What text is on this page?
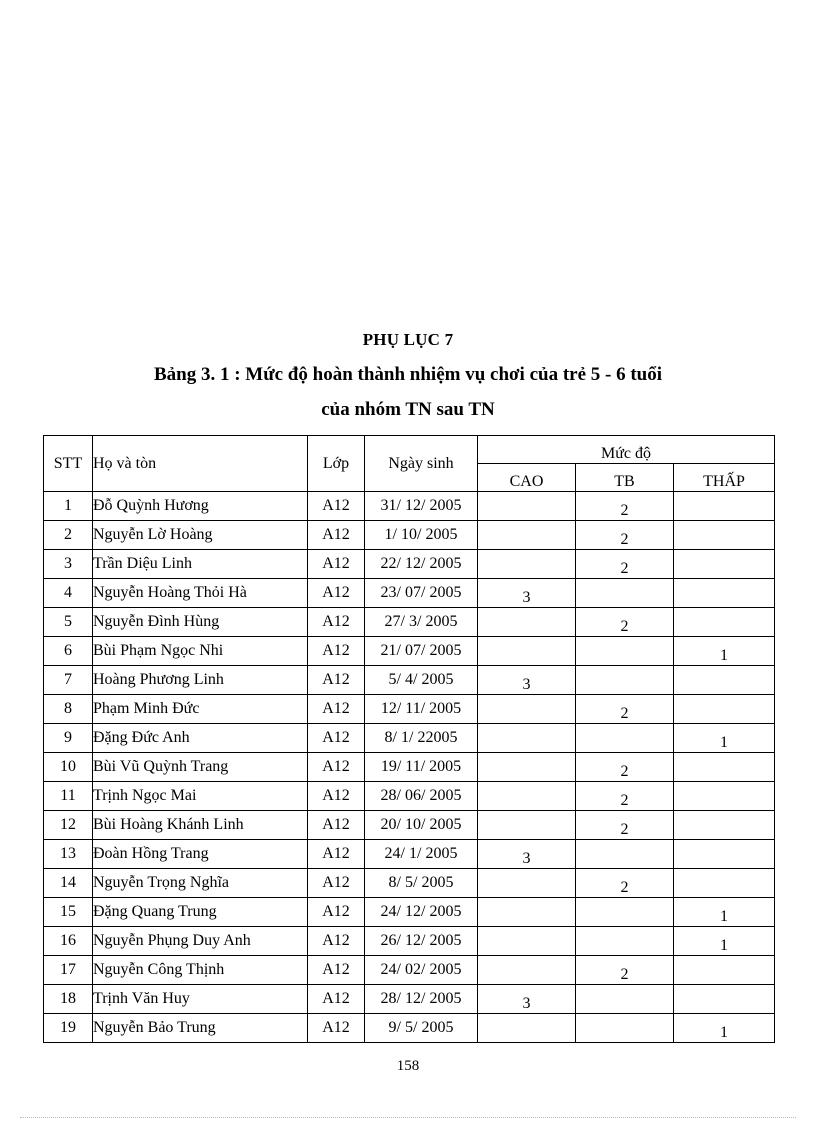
PHỤ LỤC 7
Bảng 3. 1 : Mức độ hoàn thành nhiệm vụ chơi của trẻ 5 - 6 tuổi
của nhóm TN sau TN
STT	Họ và tòn	Lớp	Ngày sinh	Mức độ		
				CAO	TB	THẤP
1	Đỗ Quỳnh Hương	A12	31/ 12/ 2005		2	
2	Nguyễn Lờ Hoàng	A12	1/ 10/ 2005		2	
3	Trần Diệu Linh	A12	22/ 12/ 2005		2	
4	Nguyễn Hoàng Thỏi Hà	A12	23/ 07/ 2005	3		
5	Nguyễn Đình Hùng	A12	27/ 3/ 2005		2	
6	Bùi Phạm Ngọc Nhi	A12	21/ 07/ 2005			1
7	Hoàng Phương Linh	A12	5/ 4/ 2005	3		
8	Phạm Minh Đức	A12	12/ 11/ 2005		2	
9	Đặng Đức Anh	A12	8/ 1/ 22005			1
10	Bùi Vũ Quỳnh Trang	A12	19/ 11/ 2005		2	
11	Trịnh Ngọc Mai	A12	28/ 06/ 2005		2	
12	Bùi Hoàng Khánh Linh	A12	20/ 10/ 2005		2	
13	Đoàn Hồng Trang	A12	24/ 1/ 2005	3		
14	Nguyễn Trọng Nghĩa	A12	8/ 5/ 2005		2	
15	Đặng Quang Trung	A12	24/ 12/ 2005			1
16	Nguyễn Phụng Duy Anh	A12	26/ 12/ 2005			1
17	Nguyễn Công Thịnh	A12	24/ 02/ 2005		2	
18	Trịnh Văn Huy	A12	28/ 12/ 2005	3		
19	Nguyễn Bảo Trung	A12	9/ 5/ 2005			1
158
